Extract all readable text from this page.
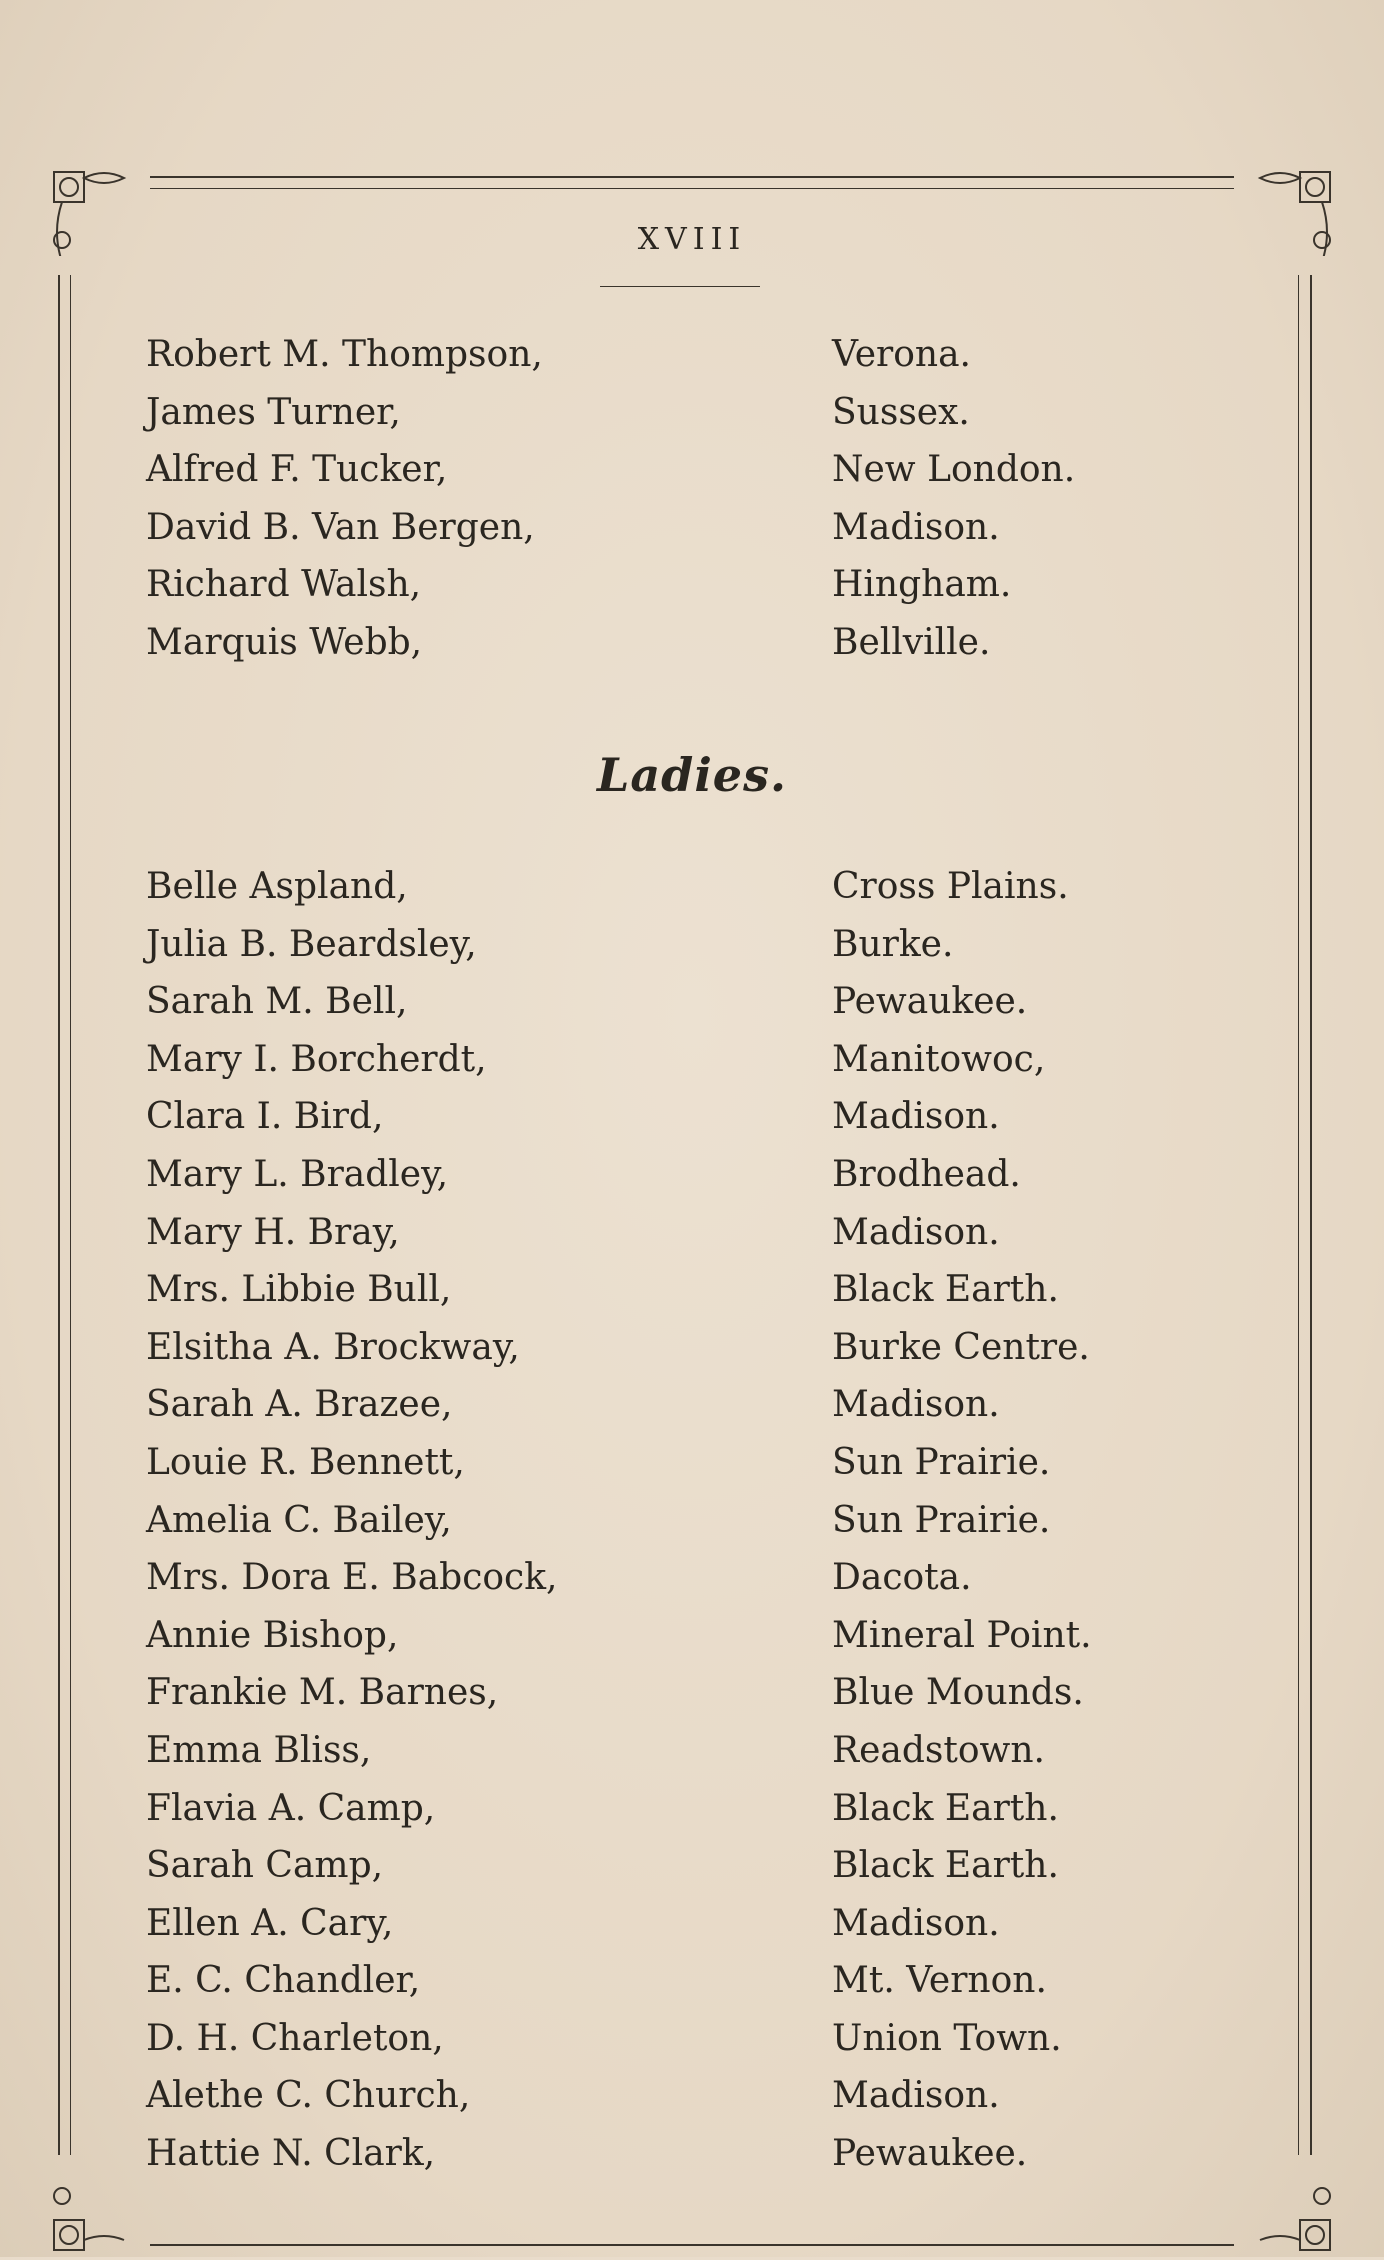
XVIII
Robert M. Thompson,	Verona.
James Turner,	Sussex.
Alfred F. Tucker,	New London.
David B. Van Bergen,	Madison.
Richard Walsh,	Hingham.
Marquis Webb,	Bellville.
Ladies.
Belle Aspland,	Cross Plains.
Julia B. Beardsley,	Burke.
Sarah M. Bell,	Pewaukee.
Mary I. Borcherdt,	Manitowoc,
Clara I. Bird,	Madison.
Mary L. Bradley,	Brodhead.
Mary H. Bray,	Madison.
Mrs. Libbie Bull,	Black Earth.
Elsitha A. Brockway,	Burke Centre.
Sarah A. Brazee,	Madison.
Louie R. Bennett,	Sun Prairie.
Amelia C. Bailey,	Sun Prairie.
Mrs. Dora E. Babcock,	Dacota.
Annie Bishop,	Mineral Point.
Frankie M. Barnes,	Blue Mounds.
Emma Bliss,	Readstown.
Flavia A. Camp,	Black Earth.
Sarah Camp,	Black Earth.
Ellen A. Cary,	Madison.
E. C. Chandler,	Mt. Vernon.
D. H. Charleton,	Union Town.
Alethe C. Church,	Madison.
Hattie N. Clark,	Pewaukee.
